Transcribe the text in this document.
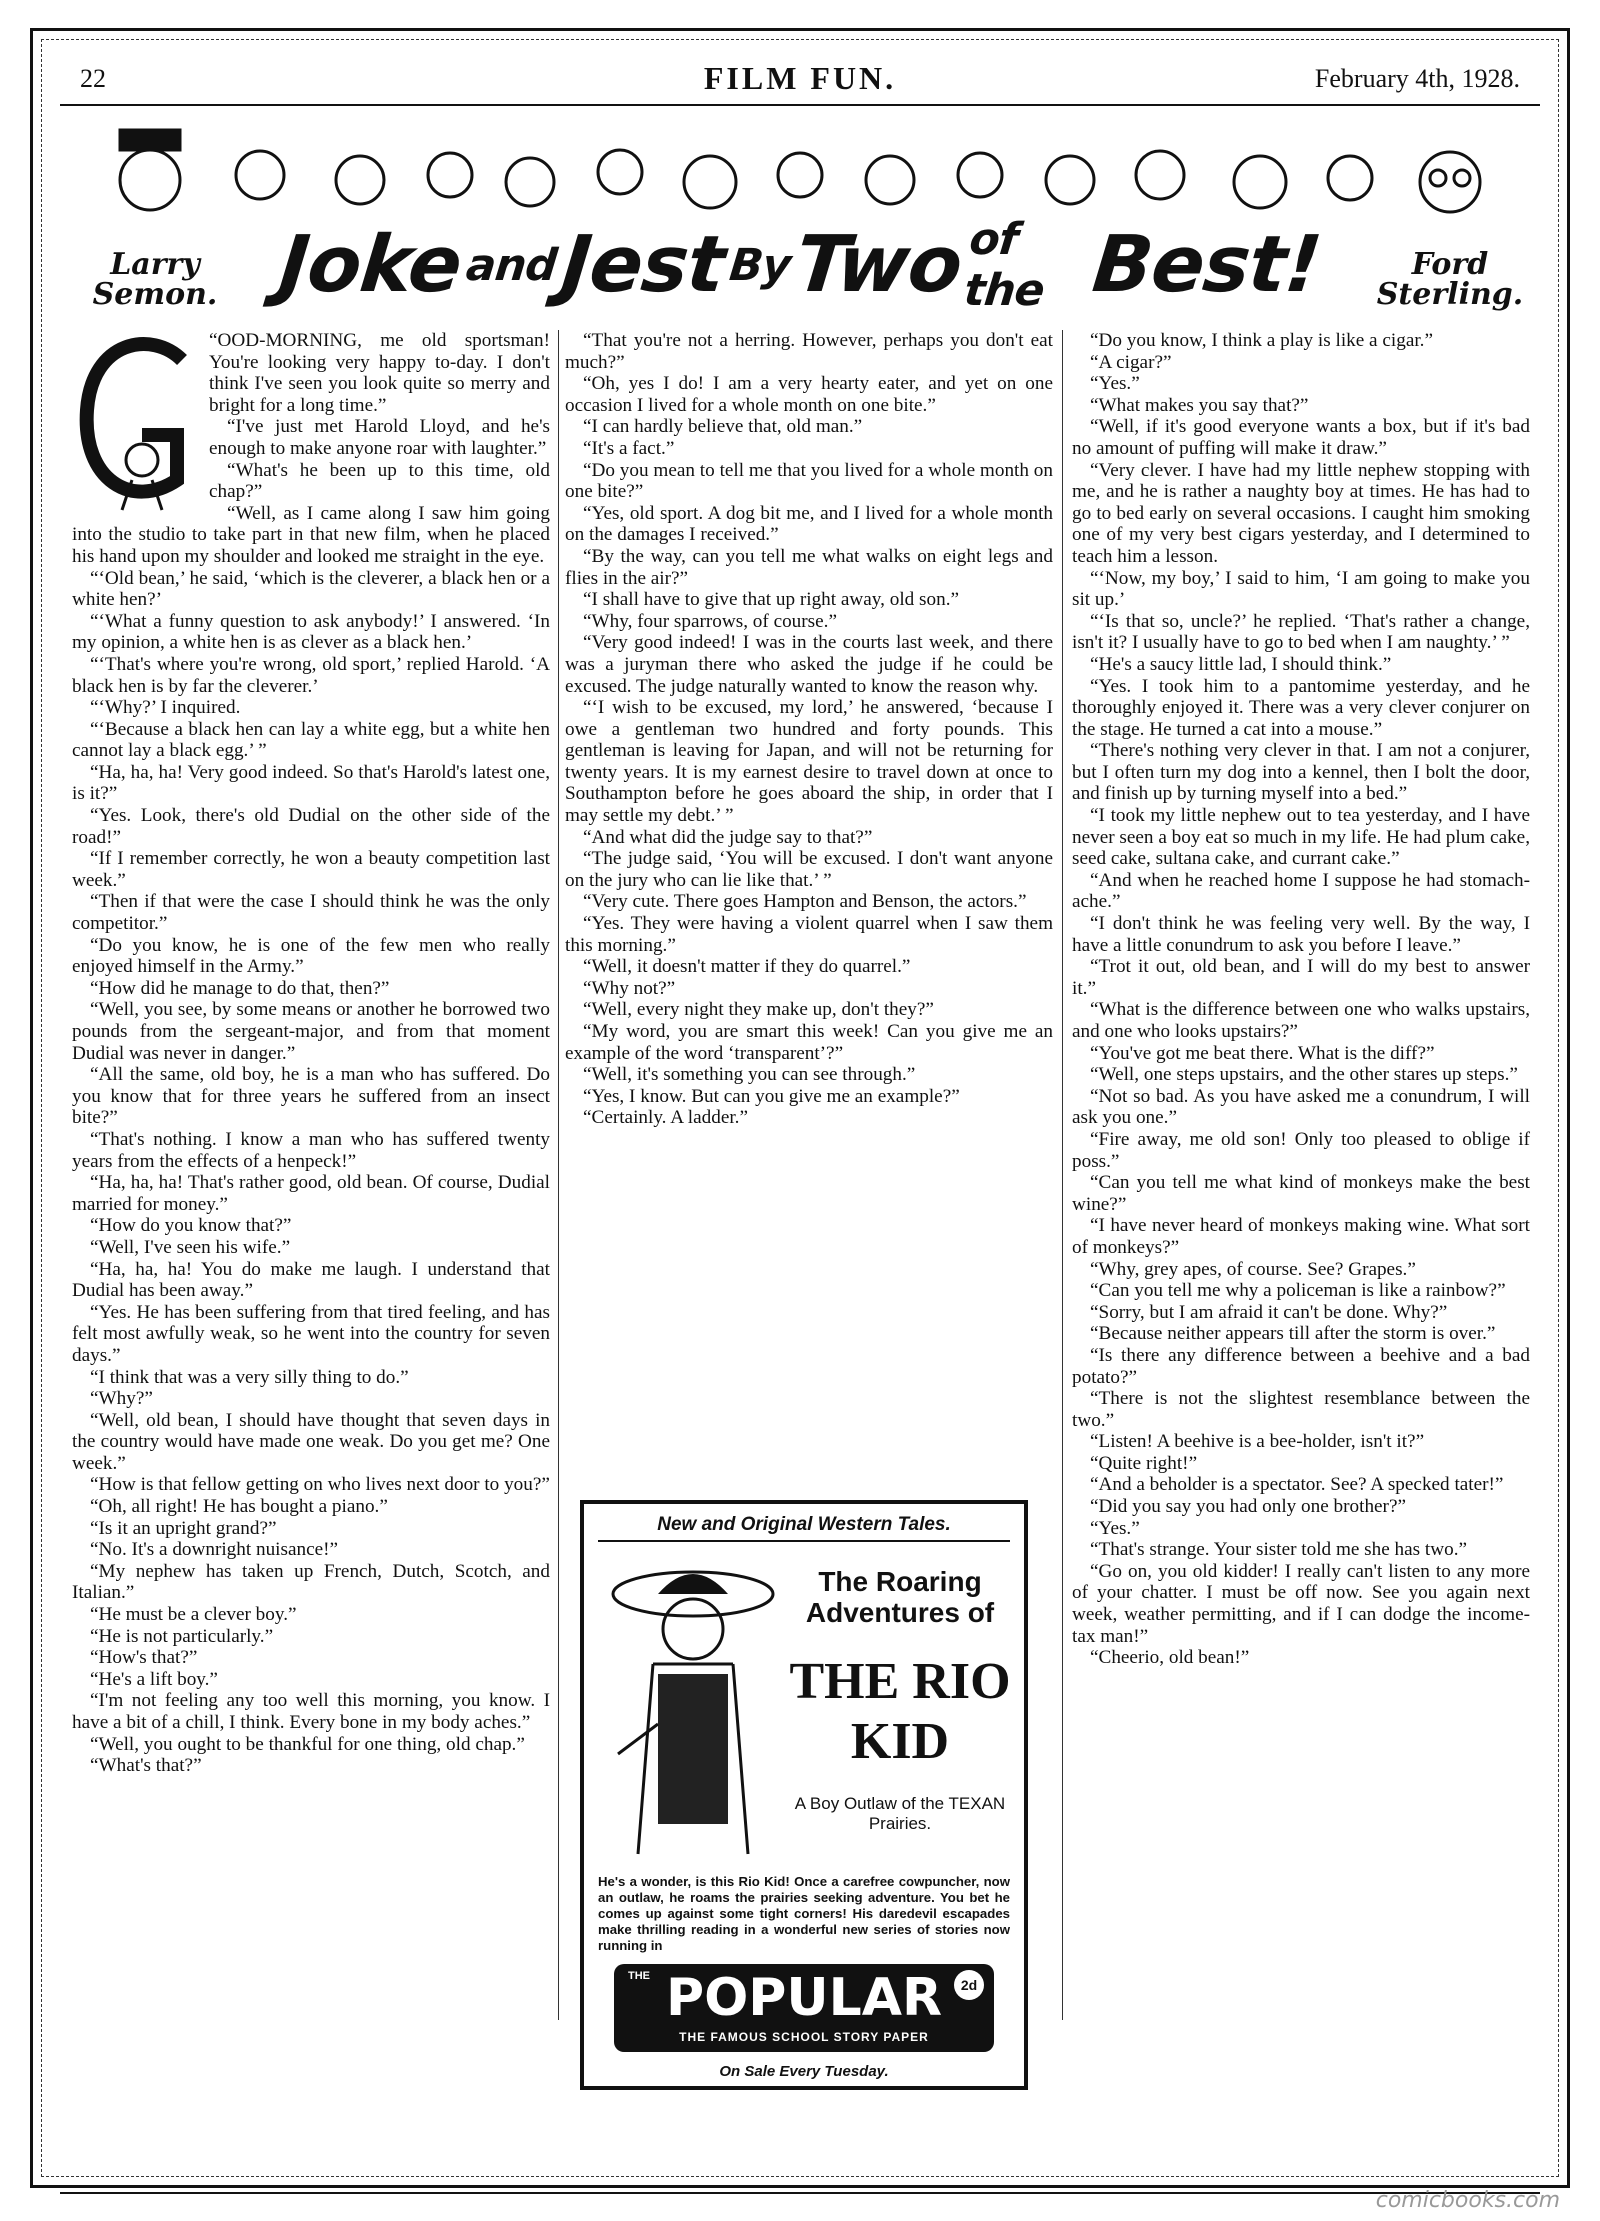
22	FILM FUN.	February 4th, 1928.
Larry Semon.
Ford Sterling.
Joke
and
Jest
By
Two of the Best!

“OOD-MORNING, me old sportsman! You're looking very happy to-day. I don't think I've seen you look quite so merry and bright for a long time.”

“I've just met Harold Lloyd, and he's enough to make anyone roar with laughter.”

“What's he been up to this time, old chap?”

“Well, as I came along I saw him going into the studio to take part in that new film, when he placed his hand upon my shoulder and looked me straight in the eye.

“‘Old bean,’ he said, ‘which is the cleverer, a black hen or a white hen?’

“‘What a funny question to ask anybody!’ I answered. ‘In my opinion, a white hen is as clever as a black hen.’

“‘That's where you're wrong, old sport,’ replied Harold. ‘A black hen is by far the cleverer.’

“‘Why?’ I inquired.

“‘Because a black hen can lay a white egg, but a white hen cannot lay a black egg.’ ”

“Ha, ha, ha! Very good indeed. So that's Harold's latest one, is it?”

“Yes. Look, there's old Dudial on the other side of the road!”

“If I remember correctly, he won a beauty competition last week.”

“Then if that were the case I should think he was the only competitor.”

“Do you know, he is one of the few men who really enjoyed himself in the Army.”

“How did he manage to do that, then?”

“Well, you see, by some means or another he borrowed two pounds from the sergeant-major, and from that moment Dudial was never in danger.”

“All the same, old boy, he is a man who has suffered. Do you know that for three years he suffered from an insect bite?”

“That's nothing. I know a man who has suffered twenty years from the effects of a henpeck!”

“Ha, ha, ha! That's rather good, old bean. Of course, Dudial married for money.”

“How do you know that?”

“Well, I've seen his wife.”

“Ha, ha, ha! You do make me laugh. I understand that Dudial has been away.”

“Yes. He has been suffering from that tired feeling, and has felt most awfully weak, so he went into the country for seven days.”

“I think that was a very silly thing to do.”

“Why?”

“Well, old bean, I should have thought that seven days in the country would have made one weak. Do you get me? One week.”

“How is that fellow getting on who lives next door to you?”

“Oh, all right! He has bought a piano.”

“Is it an upright grand?”

“No. It's a downright nuisance!”

“My nephew has taken up French, Dutch, Scotch, and Italian.”

“He must be a clever boy.”

“He is not particularly.”

“How's that?”

“He's a lift boy.”

“I'm not feeling any too well this morning, you know. I have a bit of a chill, I think. Every bone in my body aches.”

“Well, you ought to be thankful for one thing, old chap.”

“What's that?”

“That you're not a herring. However, perhaps you don't eat much?”

“Oh, yes I do! I am a very hearty eater, and yet on one occasion I lived for a whole month on one bite.”

“I can hardly believe that, old man.”

“It's a fact.”

“Do you mean to tell me that you lived for a whole month on one bite?”

“Yes, old sport. A dog bit me, and I lived for a whole month on the damages I received.”

“By the way, can you tell me what walks on eight legs and flies in the air?”

“I shall have to give that up right away, old son.”

“Why, four sparrows, of course.”

“Very good indeed! I was in the courts last week, and there was a juryman there who asked the judge if he could be excused. The judge naturally wanted to know the reason why.

“‘I wish to be excused, my lord,’ he answered, ‘because I owe a gentleman two hundred and forty pounds. This gentleman is leaving for Japan, and will not be returning for twenty years. It is my earnest desire to travel down at once to Southampton before he goes aboard the ship, in order that I may settle my debt.’ ”

“And what did the judge say to that?”

“The judge said, ‘You will be excused. I don't want anyone on the jury who can lie like that.’ ”

“Very cute. There goes Hampton and Benson, the actors.”

“Yes. They were having a violent quarrel when I saw them this morning.”

“Well, it doesn't matter if they do quarrel.”

“Why not?”

“Well, every night they make up, don't they?”

“My word, you are smart this week! Can you give me an example of the word ‘transparent’?”

“Well, it's something you can see through.”

“Yes, I know. But can you give me an example?”

“Certainly. A ladder.”

“Do you know, I think a play is like a cigar.”

“A cigar?”

“Yes.”

“What makes you say that?”

“Well, if it's good everyone wants a box, but if it's bad no amount of puffing will make it draw.”

“Very clever. I have had my little nephew stopping with me, and he is rather a naughty boy at times. He has had to go to bed early on several occasions. I caught him smoking one of my very best cigars yesterday, and I determined to teach him a lesson.

“‘Now, my boy,’ I said to him, ‘I am going to make you sit up.’

“‘Is that so, uncle?’ he replied. ‘That's rather a change, isn't it? I usually have to go to bed when I am naughty.’ ”

“He's a saucy little lad, I should think.”

“Yes. I took him to a pantomime yesterday, and he thoroughly enjoyed it. There was a very clever conjurer on the stage. He turned a cat into a mouse.”

“There's nothing very clever in that. I am not a conjurer, but I often turn my dog into a kennel, then I bolt the door, and finish up by turning myself into a bed.”

“I took my little nephew out to tea yesterday, and I have never seen a boy eat so much in my life. He had plum cake, seed cake, sultana cake, and currant cake.”

“And when he reached home I suppose he had stomach-ache.”

“I don't think he was feeling very well. By the way, I have a little conundrum to ask you before I leave.”

“Trot it out, old bean, and I will do my best to answer it.”

“What is the difference between one who walks upstairs, and one who looks upstairs?”

“You've got me beat there. What is the diff?”

“Well, one steps upstairs, and the other stares up steps.”

“Not so bad. As you have asked me a conundrum, I will ask you one.”

“Fire away, me old son! Only too pleased to oblige if poss.”

“Can you tell me what kind of monkeys make the best wine?”

“I have never heard of monkeys making wine. What sort of monkeys?”

“Why, grey apes, of course. See? Grapes.”

“Can you tell me why a policeman is like a rainbow?”

“Sorry, but I am afraid it can't be done. Why?”

“Because neither appears till after the storm is over.”

“Is there any difference between a beehive and a bad potato?”

“There is not the slightest resemblance between the two.”

“Listen! A beehive is a bee-holder, isn't it?”

“Quite right!”

“And a beholder is a spectator. See? A specked tater!”

“Did you say you had only one brother?”

“Yes.”

“That's strange. Your sister told me she has two.”

“Go on, you old kidder! I really can't listen to any more of your chatter. I must be off now. See you again next week, weather permitting, and if I can dodge the income-tax man!”

“Cheerio, old bean!”

New and Original Western Tales.
The Roaring Adventures of
THE RIO KID
A Boy Outlaw of the TEXAN Prairies.
He's a wonder, is this Rio Kid! Once a carefree cowpuncher, now an outlaw, he roams the prairies seeking adventure. You bet he comes up against some tight corners! His daredevil escapades make thrilling reading in a wonderful new series of stories now running in
THE POPULAR	2d
THE FAMOUS SCHOOL STORY PAPER
On Sale Every Tuesday.
comicbooks.com
